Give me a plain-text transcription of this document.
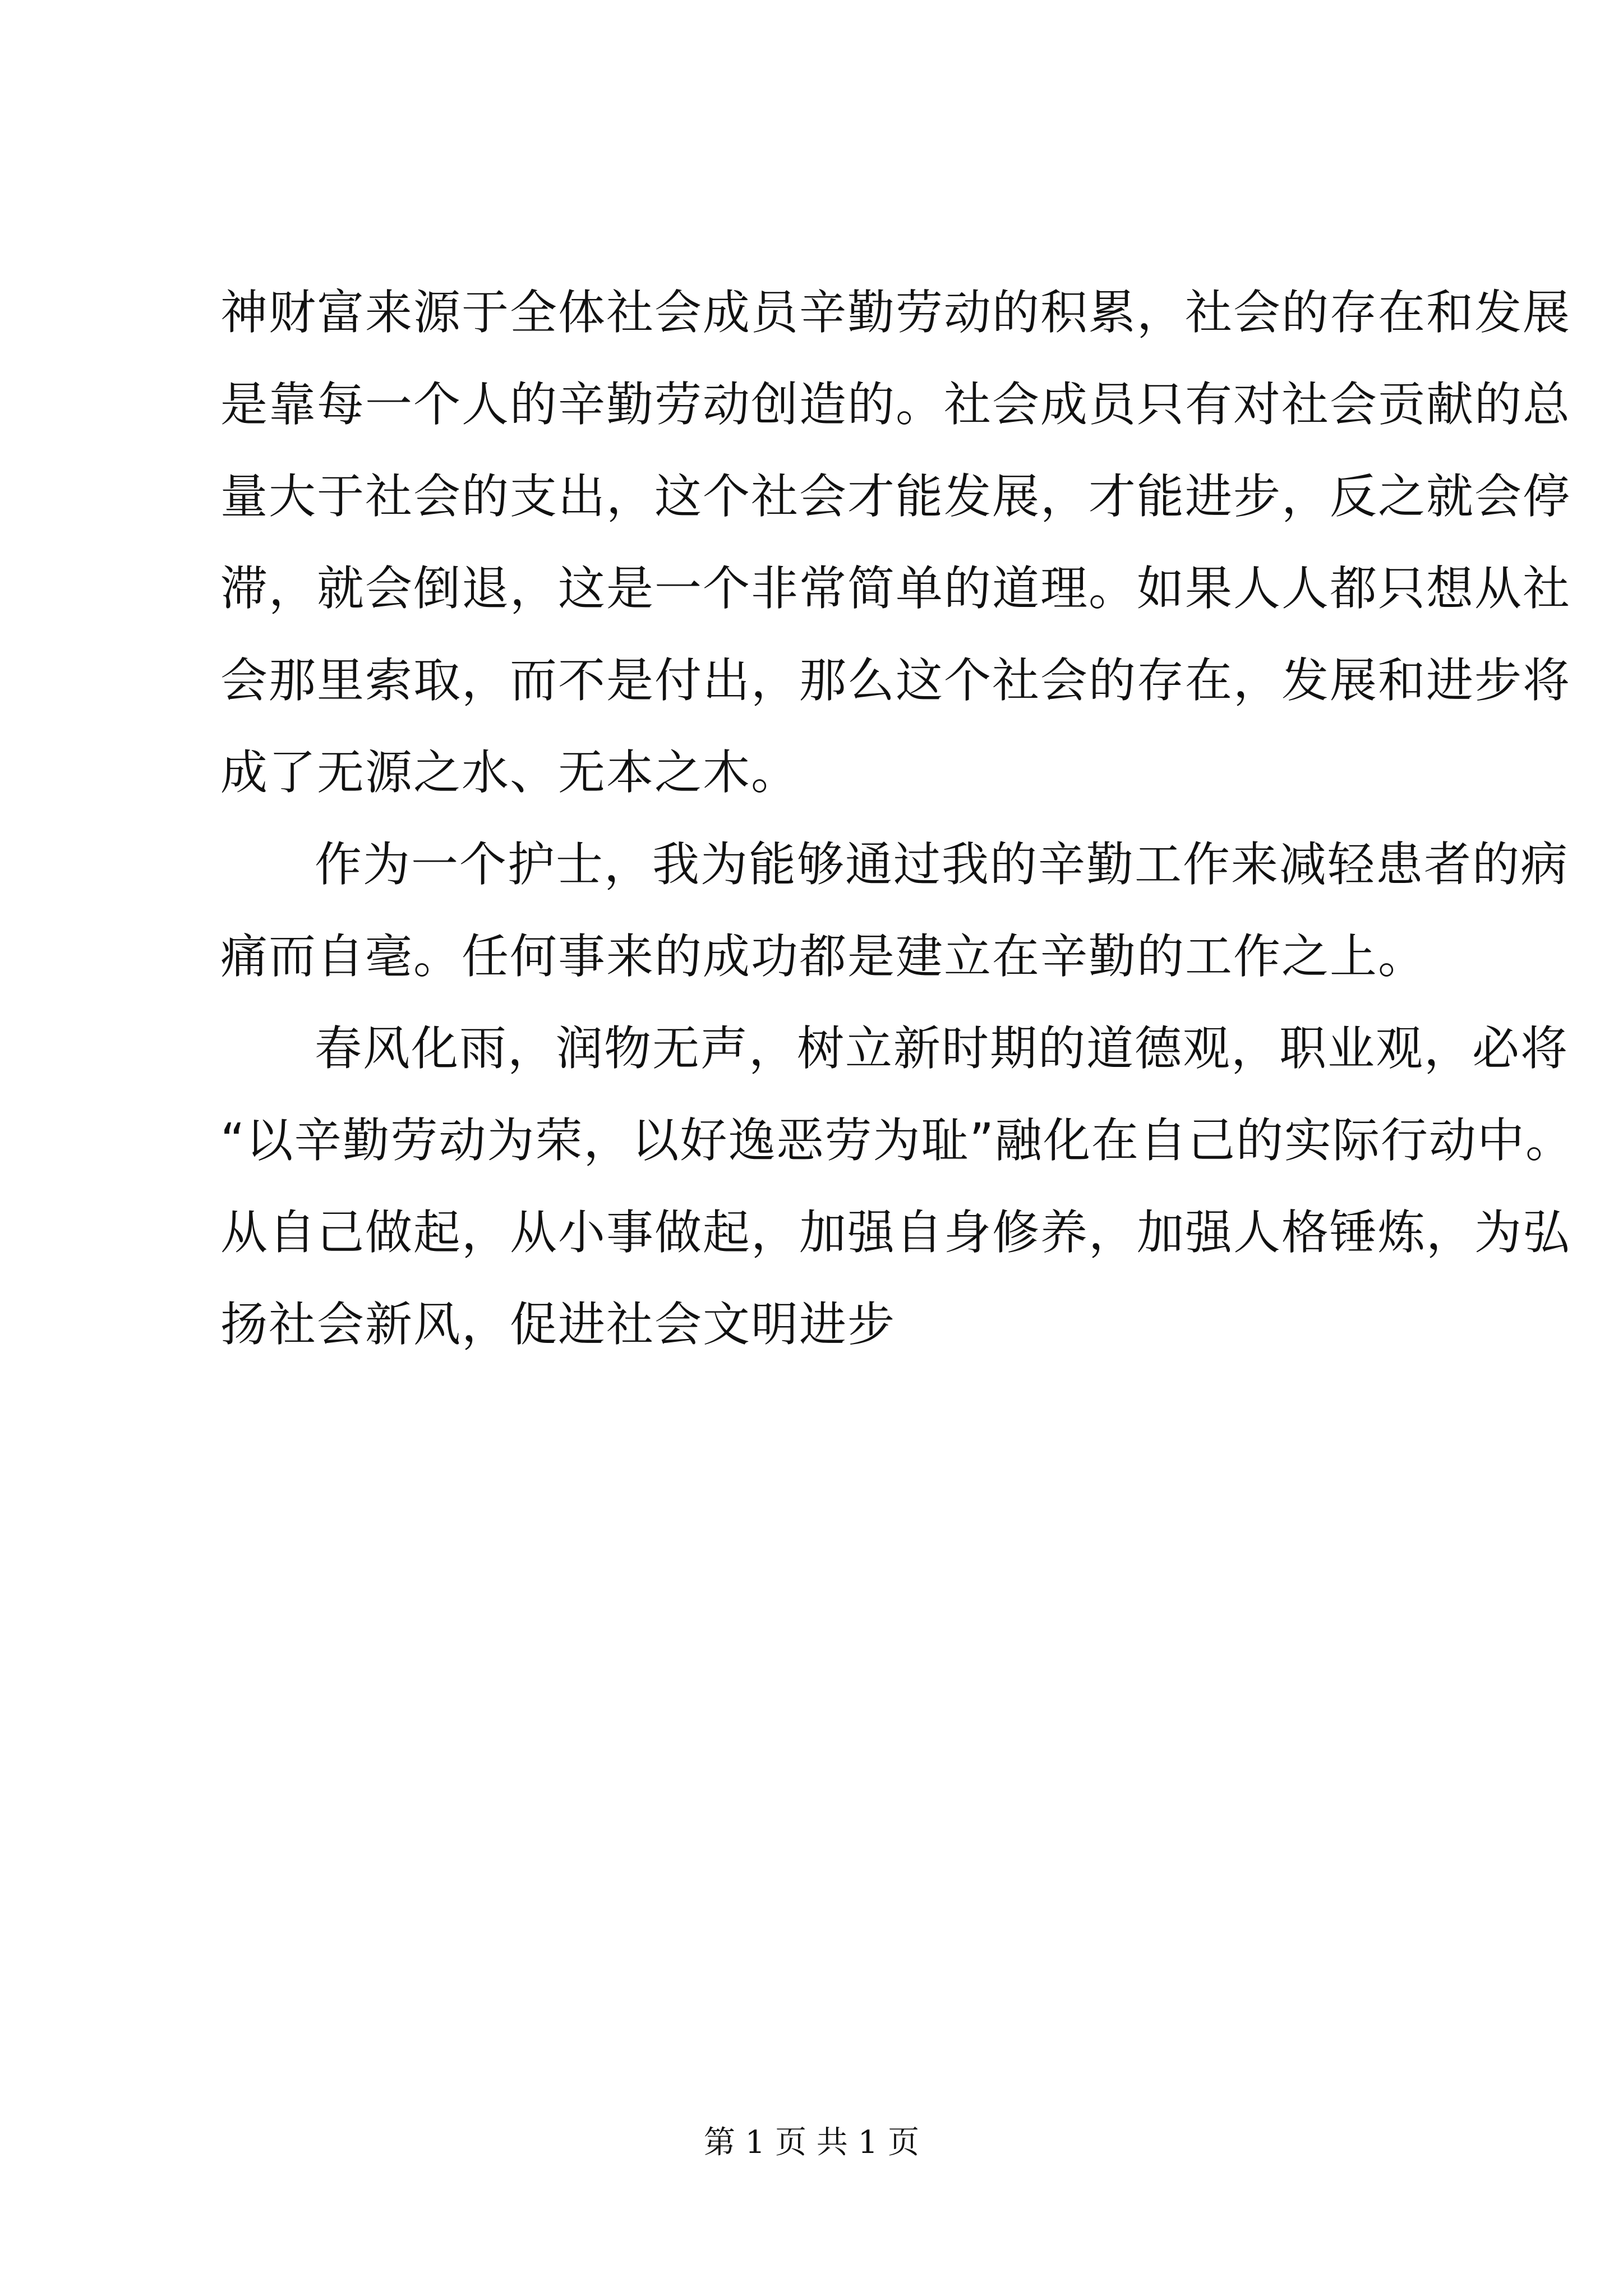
神财富来源于全体社会成员辛勤劳动的积累，社会的存在和发展
是靠每一个人的辛勤劳动创造的。社会成员只有对社会贡献的总
量大于社会的支出，这个社会才能发展，才能进步，反之就会停
滞，就会倒退，这是一个非常简单的道理。如果人人都只想从社
会那里索取，而不是付出，那么这个社会的存在，发展和进步将
成了无源之水、无本之木。

作为一个护士，我为能够通过我的辛勤工作来减轻患者的病
痛而自毫。任何事来的成功都是建立在辛勤的工作之上。

春风化雨，润物无声，树立新时期的道德观，职业观，必将
“以辛勤劳动为荣，以好逸恶劳为耻”融化在自己的实际行动中。
从自己做起，从小事做起，加强自身修养，加强人格锤炼，为弘
扬社会新风，促进社会文明进步

第 1 页 共 1 页
